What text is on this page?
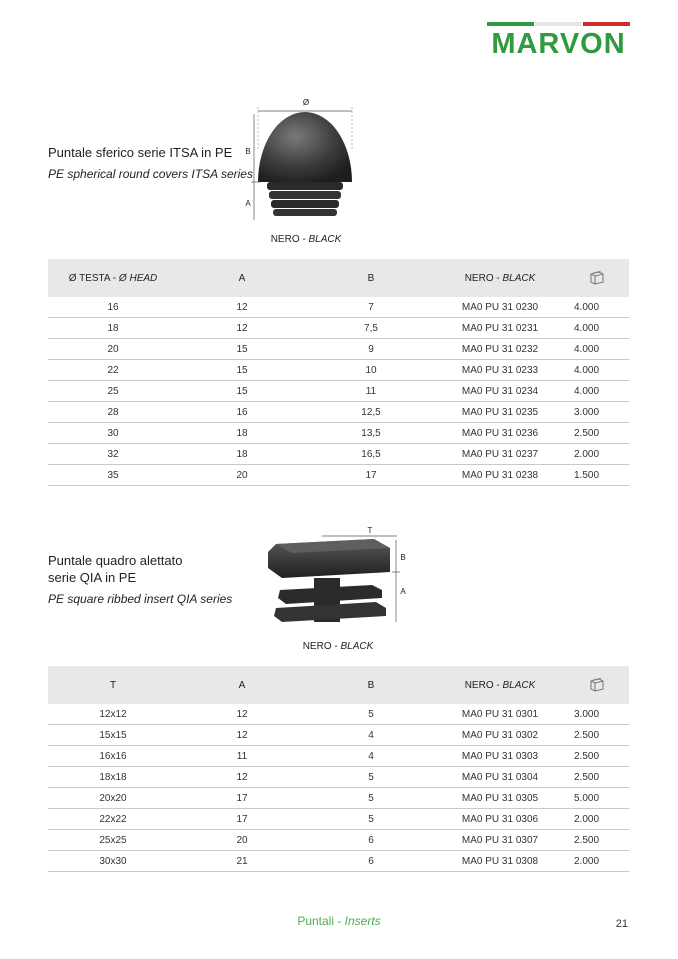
MARVON
Puntale sferico serie ITSA in PE
PE spherical round covers ITSA series
Ø
B
A
NERO - BLACK
Ø TESTA - Ø HEAD	A	B	NERO - BLACK	
16	12	7	MA0 PU 31 0230	4.000
18	12	7,5	MA0 PU 31 0231	4.000
20	15	9	MA0 PU 31 0232	4.000
22	15	10	MA0 PU 31 0233	4.000
25	15	11	MA0 PU 31 0234	4.000
28	16	12,5	MA0 PU 31 0235	3.000
30	18	13,5	MA0 PU 31 0236	2.500
32	18	16,5	MA0 PU 31 0237	2.000
35	20	17	MA0 PU 31 0238	1.500
Puntale quadro alettato
serie QIA in PE
PE square ribbed insert QIA series
T
B
A
NERO - BLACK
T	A	B	NERO - BLACK	
12x12	12	5	MA0 PU 31 0301	3.000
15x15	12	4	MA0 PU 31 0302	2.500
16x16	11	4	MA0 PU 31 0303	2.500
18x18	12	5	MA0 PU 31 0304	2.500
20x20	17	5	MA0 PU 31 0305	5.000
22x22	17	5	MA0 PU 31 0306	2.000
25x25	20	6	MA0 PU 31 0307	2.500
30x30	21	6	MA0 PU 31 0308	2.000
Puntali - Inserts	21
